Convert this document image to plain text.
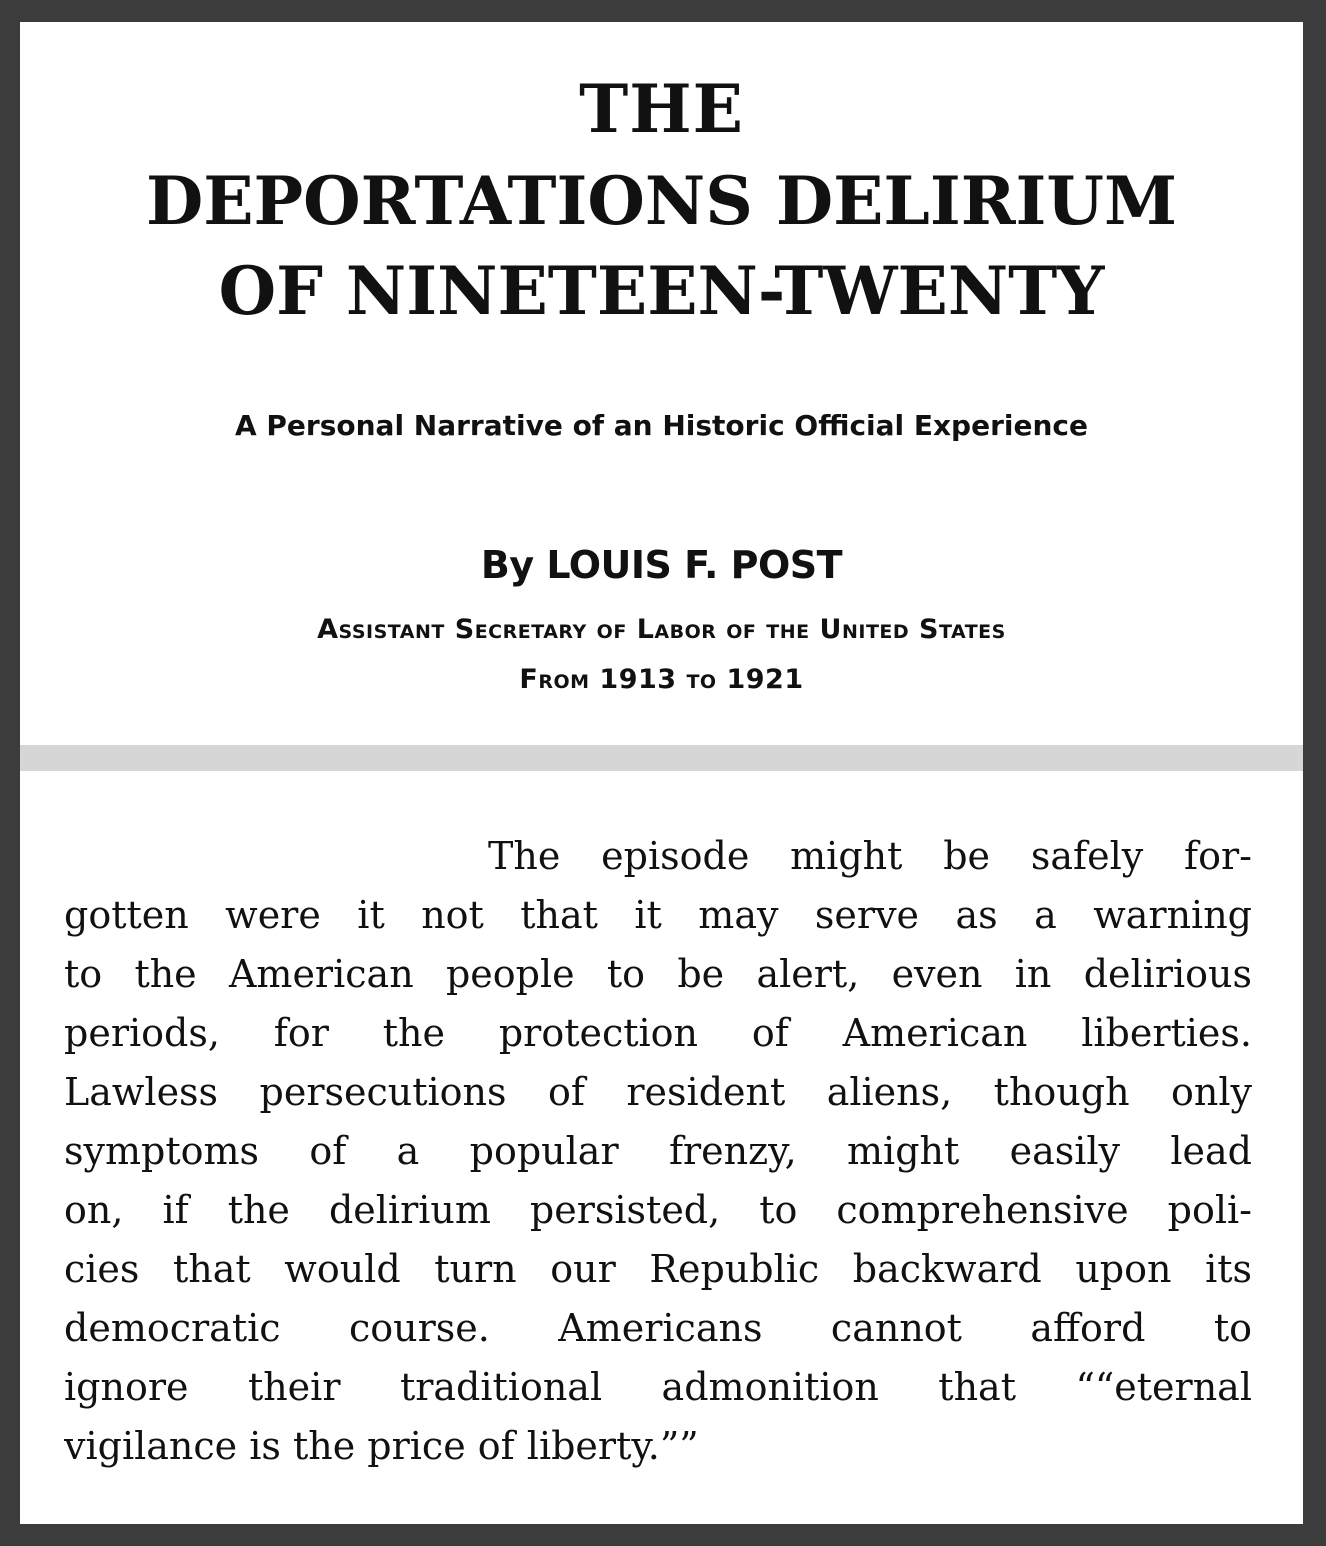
THE
DEPORTATIONS DELIRIUM
OF NINETEEN-TWENTY
A Personal Narrative of an Historic Official Experience
By LOUIS F. POST
Assistant Secretary of Labor of the United States
From 1913 to 1921
The episode might be safely for-
gotten were it not that it may serve as a warning
to the American people to be alert, even in delirious
periods, for the protection of American liberties.
Lawless persecutions of resident aliens, though only
symptoms of a popular frenzy, might easily lead
on, if the delirium persisted, to comprehensive poli-
cies that would turn our Republic backward upon its
democratic course. Americans cannot afford to
ignore their traditional admonition that ““eternal
vigilance is the price of liberty.””
